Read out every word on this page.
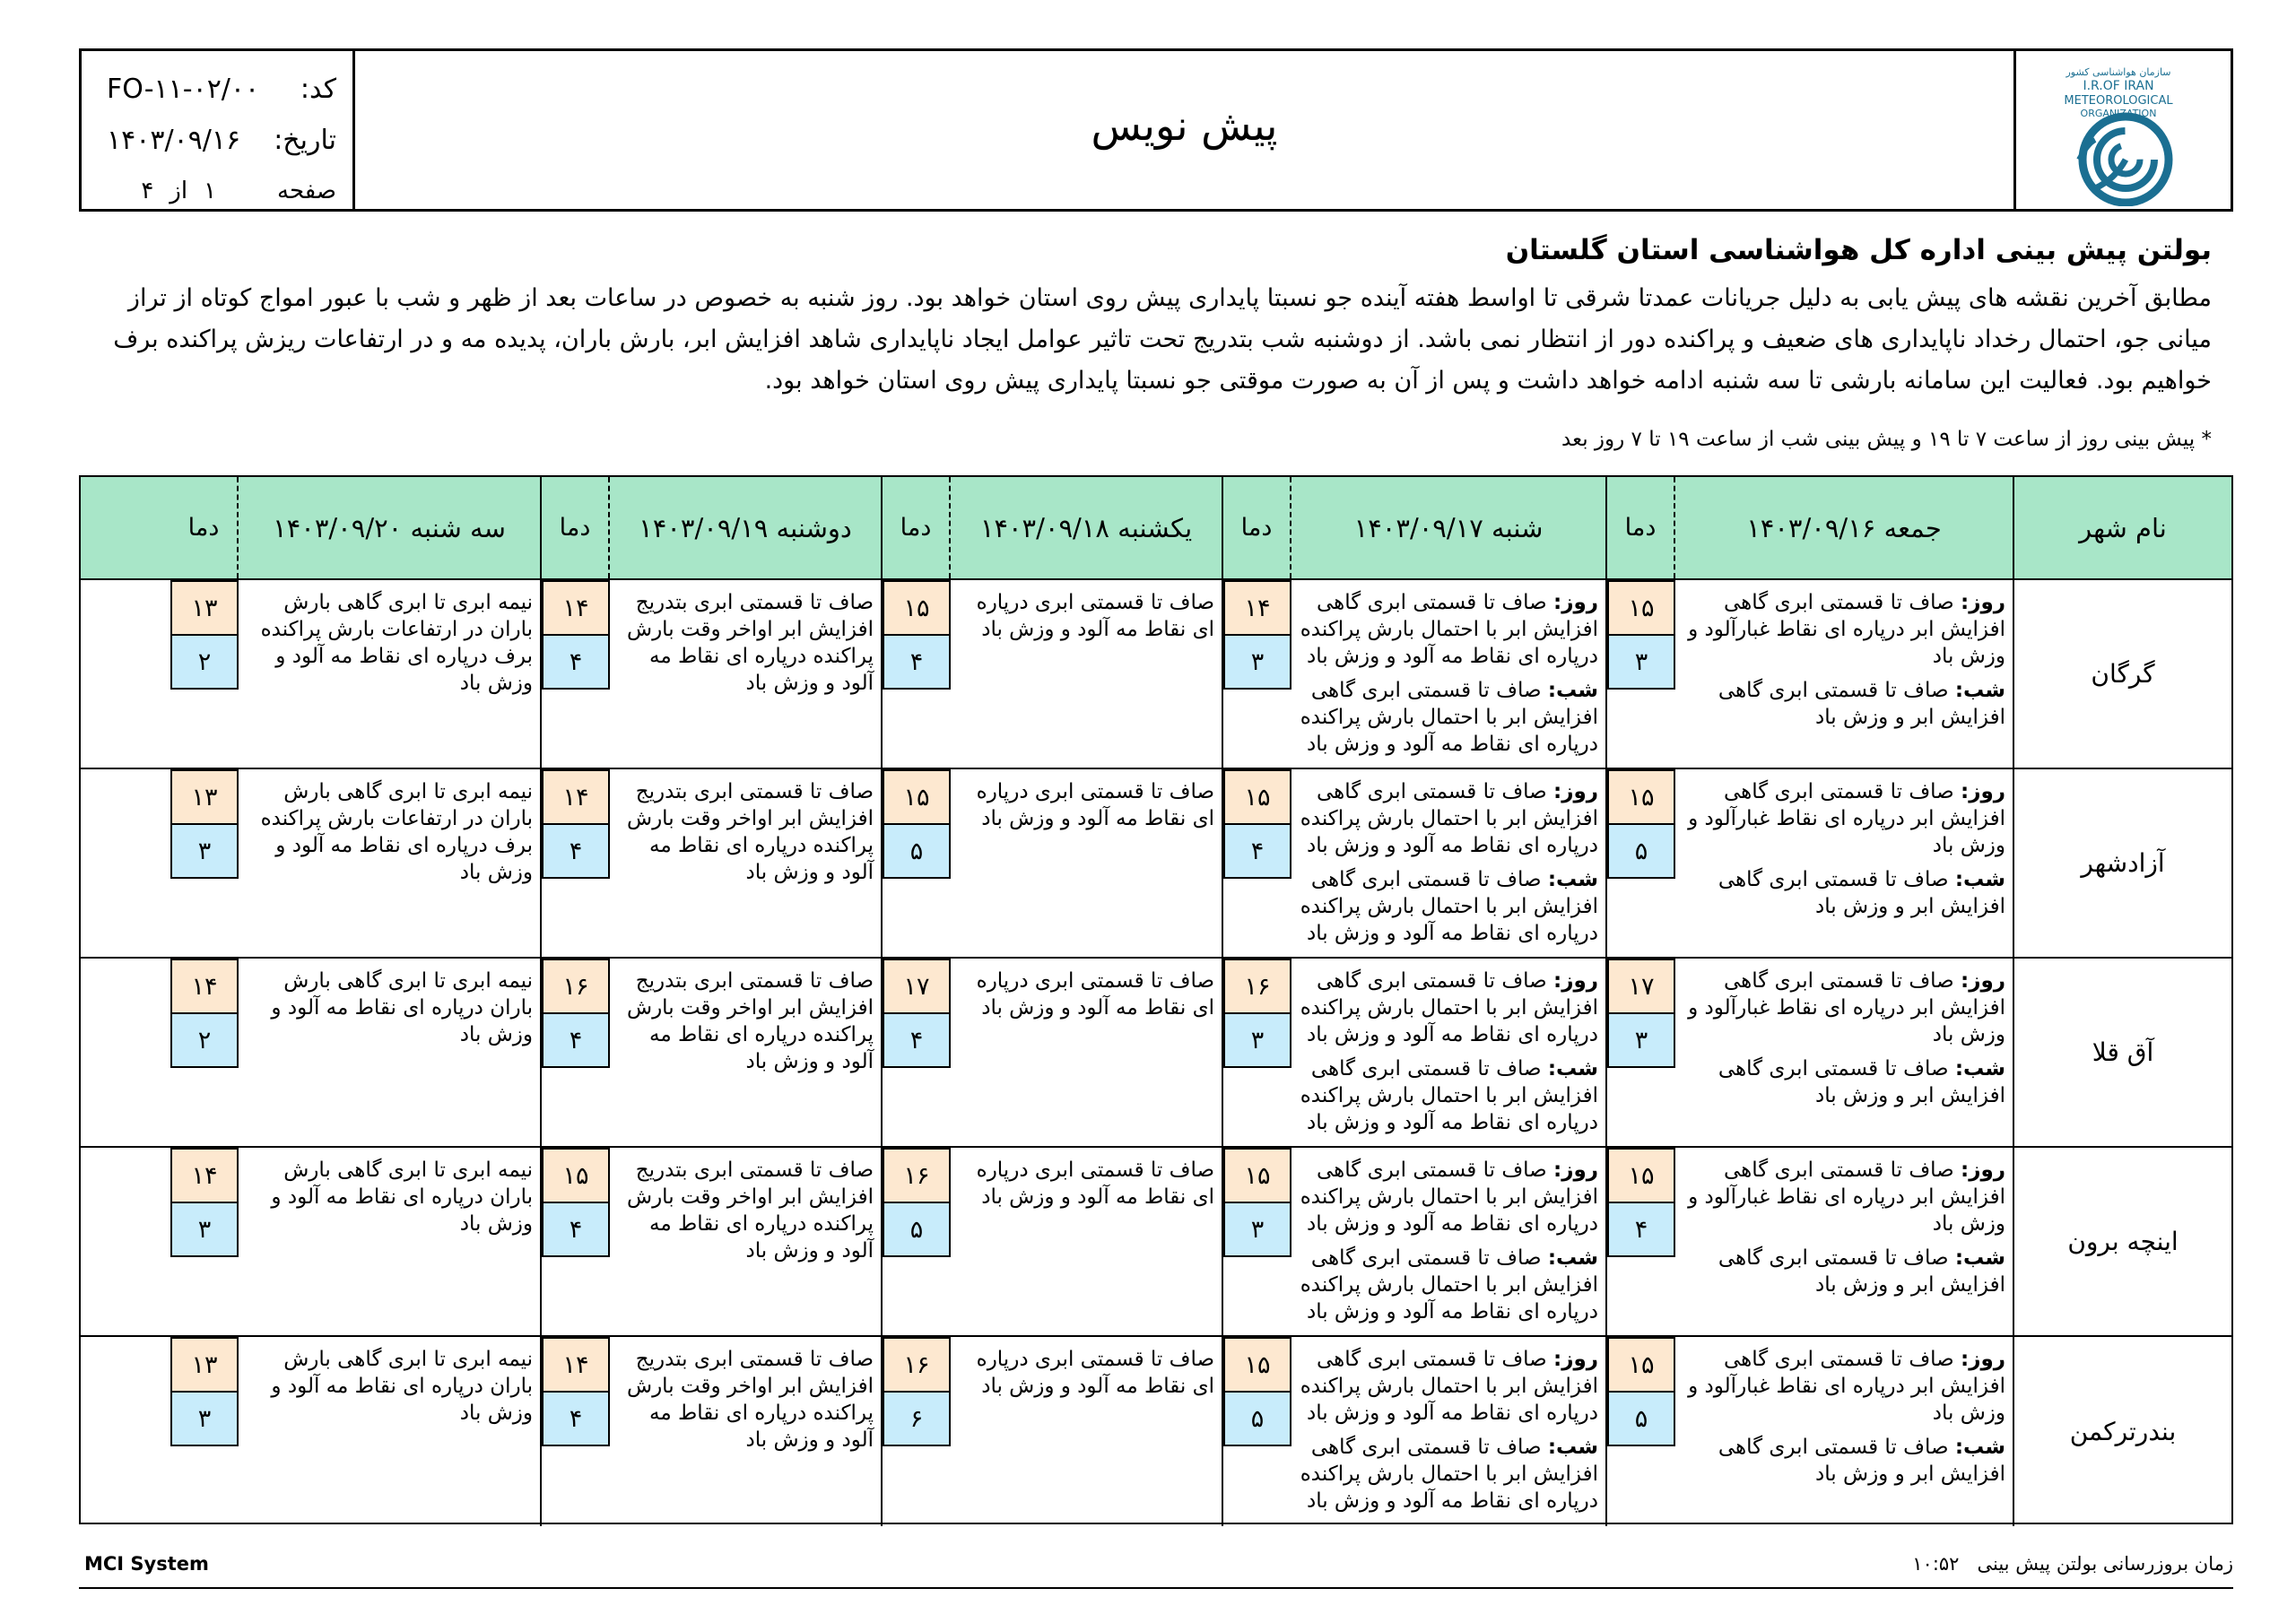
FO-۱۱-۰۲/۰۰ کد:
۱۴۰۳/۰۹/۱۶ تاریخ:
صفحه
۱
از
۴
پیش نویس
سازمان هواشناسی کشور
I.R.OF IRAN
METEOROLOGICAL
ORGANIZATION
بولتن پیش بینی اداره کل هواشناسی استان گلستان
مطابق آخرین نقشه های پیش یابی به دلیل جریانات عمدتا شرقی تا اواسط هفته آینده جو نسبتا پایداری پیش روی استان خواهد بود. روز شنبه به خصوص در ساعات بعد از ظهر و شب با عبور امواج کوتاه از تراز میانی جو، احتمال رخداد ناپایداری های ضعیف و پراکنده دور از انتظار نمی باشد. از دوشنبه شب بتدریج تحت تاثیر عوامل ایجاد ناپایداری شاهد افزایش ابر، بارش باران، پدیده مه و در ارتفاعات ریزش پراکنده برف خواهیم بود. فعالیت این سامانه بارشی تا سه شنبه ادامه خواهد داشت و پس از آن به صورت موقتی جو نسبتا پایداری پیش روی استان خواهد بود.
* پیش بینی روز از ساعت ۷ تا ۱۹ و پیش بینی شب از ساعت ۱۹ تا ۷ روز بعد
نام شهر
جمعه ۱۴۰۳/۰۹/۱۶
دما
شنبه ۱۴۰۳/۰۹/۱۷
دما
یکشنبه ۱۴۰۳/۰۹/۱۸
دما
دوشنبه ۱۴۰۳/۰۹/۱۹
دما
سه شنبه ۱۴۰۳/۰۹/۲۰
دما
گرگان
روز: صاف تا قسمتی ابری گاهی افزایش ابر درپاره ای نقاط غبارآلود و وزش باد
شب: صاف تا قسمتی ابری گاهی افزایش ابر و وزش باد
۱۵
۳
روز: صاف تا قسمتی ابری گاهی افزایش ابر با احتمال بارش پراکنده درپاره ای نقاط مه آلود و وزش باد
شب: صاف تا قسمتی ابری گاهی افزایش ابر با احتمال بارش پراکنده درپاره ای نقاط مه آلود و وزش باد
۱۴
۳
صاف تا قسمتی ابری درپاره ای نقاط مه آلود و وزش باد
۱۵
۴
صاف تا قسمتی ابری بتدریج افزایش ابر اواخر وقت بارش پراکنده درپاره ای نقاط مه آلود و وزش باد
۱۴
۴
نیمه ابری تا ابری گاهی بارش باران در ارتفاعات بارش پراکنده برف درپاره ای نقاط مه آلود و وزش باد
۱۳
۲
آزادشهر
روز: صاف تا قسمتی ابری گاهی افزایش ابر درپاره ای نقاط غبارآلود و وزش باد
شب: صاف تا قسمتی ابری گاهی افزایش ابر و وزش باد
۱۵
۵
روز: صاف تا قسمتی ابری گاهی افزایش ابر با احتمال بارش پراکنده درپاره ای نقاط مه آلود و وزش باد
شب: صاف تا قسمتی ابری گاهی افزایش ابر با احتمال بارش پراکنده درپاره ای نقاط مه آلود و وزش باد
۱۵
۴
صاف تا قسمتی ابری درپاره ای نقاط مه آلود و وزش باد
۱۵
۵
صاف تا قسمتی ابری بتدریج افزایش ابر اواخر وقت بارش پراکنده درپاره ای نقاط مه آلود و وزش باد
۱۴
۴
نیمه ابری تا ابری گاهی بارش باران در ارتفاعات بارش پراکنده برف درپاره ای نقاط مه آلود و وزش باد
۱۳
۳
آق قلا
روز: صاف تا قسمتی ابری گاهی افزایش ابر درپاره ای نقاط غبارآلود و وزش باد
شب: صاف تا قسمتی ابری گاهی افزایش ابر و وزش باد
۱۷
۳
روز: صاف تا قسمتی ابری گاهی افزایش ابر با احتمال بارش پراکنده درپاره ای نقاط مه آلود و وزش باد
شب: صاف تا قسمتی ابری گاهی افزایش ابر با احتمال بارش پراکنده درپاره ای نقاط مه آلود و وزش باد
۱۶
۳
صاف تا قسمتی ابری درپاره ای نقاط مه آلود و وزش باد
۱۷
۴
صاف تا قسمتی ابری بتدریج افزایش ابر اواخر وقت بارش پراکنده درپاره ای نقاط مه آلود و وزش باد
۱۶
۴
نیمه ابری تا ابری گاهی بارش باران درپاره ای نقاط مه آلود و وزش باد
۱۴
۲
اینچه برون
روز: صاف تا قسمتی ابری گاهی افزایش ابر درپاره ای نقاط غبارآلود و وزش باد
شب: صاف تا قسمتی ابری گاهی افزایش ابر و وزش باد
۱۵
۴
روز: صاف تا قسمتی ابری گاهی افزایش ابر با احتمال بارش پراکنده درپاره ای نقاط مه آلود و وزش باد
شب: صاف تا قسمتی ابری گاهی افزایش ابر با احتمال بارش پراکنده درپاره ای نقاط مه آلود و وزش باد
۱۵
۳
صاف تا قسمتی ابری درپاره ای نقاط مه آلود و وزش باد
۱۶
۵
صاف تا قسمتی ابری بتدریج افزایش ابر اواخر وقت بارش پراکنده درپاره ای نقاط مه آلود و وزش باد
۱۵
۴
نیمه ابری تا ابری گاهی بارش باران درپاره ای نقاط مه آلود و وزش باد
۱۴
۳
بندرترکمن
روز: صاف تا قسمتی ابری گاهی افزایش ابر درپاره ای نقاط غبارآلود و وزش باد
شب: صاف تا قسمتی ابری گاهی افزایش ابر و وزش باد
۱۵
۵
روز: صاف تا قسمتی ابری گاهی افزایش ابر با احتمال بارش پراکنده درپاره ای نقاط مه آلود و وزش باد
شب: صاف تا قسمتی ابری گاهی افزایش ابر با احتمال بارش پراکنده درپاره ای نقاط مه آلود و وزش باد
۱۵
۵
صاف تا قسمتی ابری درپاره ای نقاط مه آلود و وزش باد
۱۶
۶
صاف تا قسمتی ابری بتدریج افزایش ابر اواخر وقت بارش پراکنده درپاره ای نقاط مه آلود و وزش باد
۱۴
۴
نیمه ابری تا ابری گاهی بارش باران درپاره ای نقاط مه آلود و وزش باد
۱۳
۳
MCI System	زمان بروزرسانی بولتن پیش بینی   ۱۰:۵۲
